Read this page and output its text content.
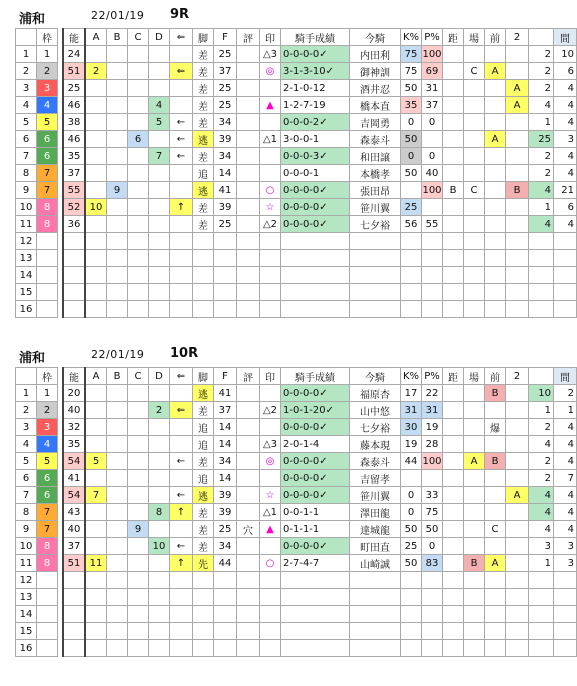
浦和	22/01/19 9R
	枠		能	A	B	C	D	⇐	脚	F	評	印	騎手成績	今騎	K%	P%	距	場	前	2		間
1	1		24						差	25		△3	0-0-0-0✓	内田利	75	100					2	10
2	2		51	2				⇐	差	37		◎	3-1-3-10✓	御神訓	75	69		C	A		2	6
3	3		25						差	25			2-1-0-12	酒井忍	50	31				A	2	4
4	4		46				4		差	25		▲	1-2-7-19	橋本直	35	37				A	4	4
5	5		38				5	←	差	34			0-0-0-2✓	吉岡勇	0	0					1	4
6	6		46			6		←	逃	39		△1	3-0-0-1	森泰斗	50				A		25	3
7	6		35				7	←	差	34			0-0-0-3✓	和田譲	0	0					2	4
8	7		37						追	14			0-0-0-1	本橋孝	50	40					2	4
9	7		55		9				逃	41		○	0-0-0-0✓	張田昂		100	B	C		B	4	21
10	8		52	10				↑	差	39		☆	0-0-0-0✓	笹川翼	25						1	6
11	8		36						差	25		△2	0-0-0-0✓	七夕裕	56	55					4	4
12																						
13																						
14																						
15																						
16																						
浦和	22/01/19 10R
	枠		能	A	B	C	D	⇐	脚	F	評	印	騎手成績	今騎	K%	P%	距	場	前	2		間
1	1		20						逃	41			0-0-0-0✓	福原杏	17	22			B		10	2
2	2		40				2	⇐	差	37		△2	1-0-1-20✓	山中悠	31	31					1	1
3	3		32						追	14			0-0-0-0✓	七夕裕	30	19			爆		2	4
4	4		35						追	14		△3	2-0-1-4	藤本現	19	28					4	4
5	5		54	5				←	差	34		◎	0-0-0-0✓	森泰斗	44	100		A	B		2	4
6	6		41						追	14			0-0-0-0✓	吉留孝							2	7
7	6		54	7				←	逃	39		☆	0-0-0-0✓	笹川翼	0	33				A	4	4
8	7		43				8	↑	差	39		△1	0-0-1-1	澤田龍	0	75					4	4
9	7		40			9			差	25	穴	▲	0-1-1-1	達城龍	50	50			C		4	4
10	8		37				10	←	差	34			0-0-0-0✓	町田直	25	0					3	3
11	8		51	11				↑	先	44		○	2-7-4-7	山崎誠	50	83		B	A		1	3
12																						
13																						
14																						
15																						
16																						
